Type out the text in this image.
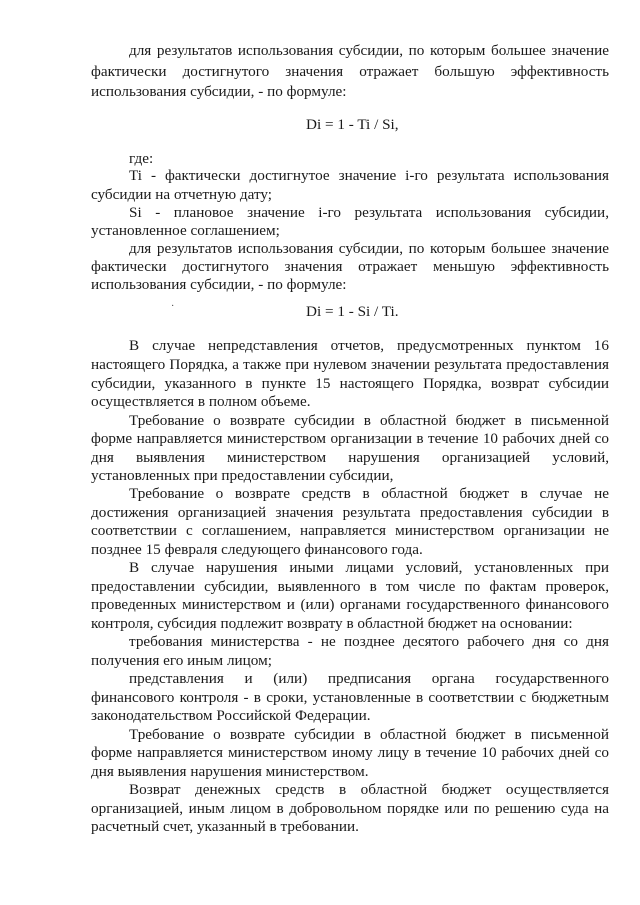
для результатов использования субсидии, по которым большее значение
фактически достигнутого значения отражает большую эффективность
использования субсидии, - по формуле:
Di = 1 - Ti / Si,
где:
Ti - фактически достигнутое значение i-го результата использования
субсидии на отчетную дату;
Si - плановое значение i-го результата использования субсидии,
установленное соглашением;
для результатов использования субсидии, по которым большее значение
фактически достигнутого значения отражает меньшую эффективность
использования субсидии, - по формуле:
·	Di = 1 - Si / Ti.
В случае непредставления отчетов, предусмотренных пунктом 16
настоящего Порядка, а также при нулевом значении результата предоставления
субсидии, указанного в пункте 15 настоящего Порядка, возврат субсидии
осуществляется в полном объеме.
Требование о возврате субсидии в областной бюджет в письменной
форме направляется министерством организации в течение 10 рабочих дней со
дня выявления министерством нарушения организацией условий,
установленных при предоставлении субсидии,
Требование о возврате средств в областной бюджет в случае не
достижения организацией значения результата предоставления субсидии в
соответствии с соглашением, направляется министерством организации не
позднее 15 февраля следующего финансового года.
В случае нарушения иными лицами условий, установленных при
предоставлении субсидии, выявленного в том числе по фактам проверок,
проведенных министерством и (или) органами государственного финансового
контроля, субсидия подлежит возврату в областной бюджет на основании:
требования министерства - не позднее десятого рабочего дня со дня
получения его иным лицом;
представления и (или) предписания органа государственного
финансового контроля - в сроки, установленные в соответствии с бюджетным
законодательством Российской Федерации.
Требование о возврате субсидии в областной бюджет в письменной
форме направляется министерством иному лицу в течение 10 рабочих дней со
дня выявления нарушения министерством.
Возврат денежных средств в областной бюджет осуществляется
организацией, иным лицом в добровольном порядке или по решению суда на
расчетный счет, указанный в требовании.
